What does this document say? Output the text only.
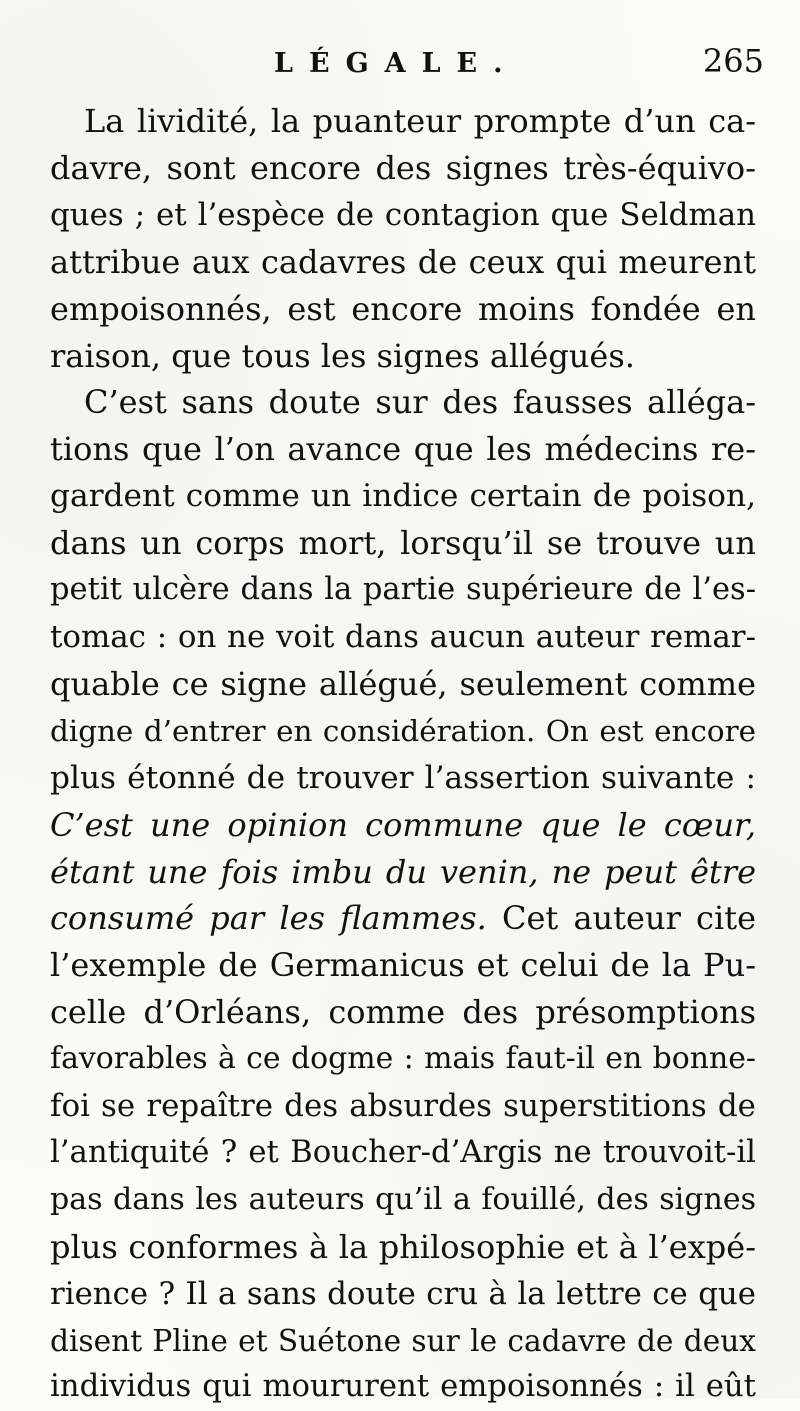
LÉGALE.	265
La lividité, la puanteur prompte d’un ca-
davre, sont encore des signes très-équivo-
ques ; et l’espèce de contagion que Seldman
attribue aux cadavres de ceux qui meurent
empoisonnés, est encore moins fondée en
raison, que tous les signes allégués.
C’est sans doute sur des fausses alléga-
tions que l’on avance que les médecins re-
gardent comme un indice certain de poison,
dans un corps mort, lorsqu’il se trouve un
petit ulcère dans la partie supérieure de l’es-
tomac : on ne voit dans aucun auteur remar-
quable ce signe allégué, seulement comme
digne d’entrer en considération. On est encore
plus étonné de trouver l’assertion suivante :
C’est une opinion commune que le cœur,
étant une fois imbu du venin, ne peut être
consumé par les flammes. Cet auteur cite
l’exemple de Germanicus et celui de la Pu-
celle d’Orléans, comme des présomptions
favorables à ce dogme : mais faut-il en bonne-
foi se repaître des absurdes superstitions de
l’antiquité ? et Boucher-d’Argis ne trouvoit-il
pas dans les auteurs qu’il a fouillé, des signes
plus conformes à la philosophie et à l’expé-
rience ? Il a sans doute cru à la lettre ce que
disent Pline et Suétone sur le cadavre de deux
individus qui moururent empoisonnés : il eût
